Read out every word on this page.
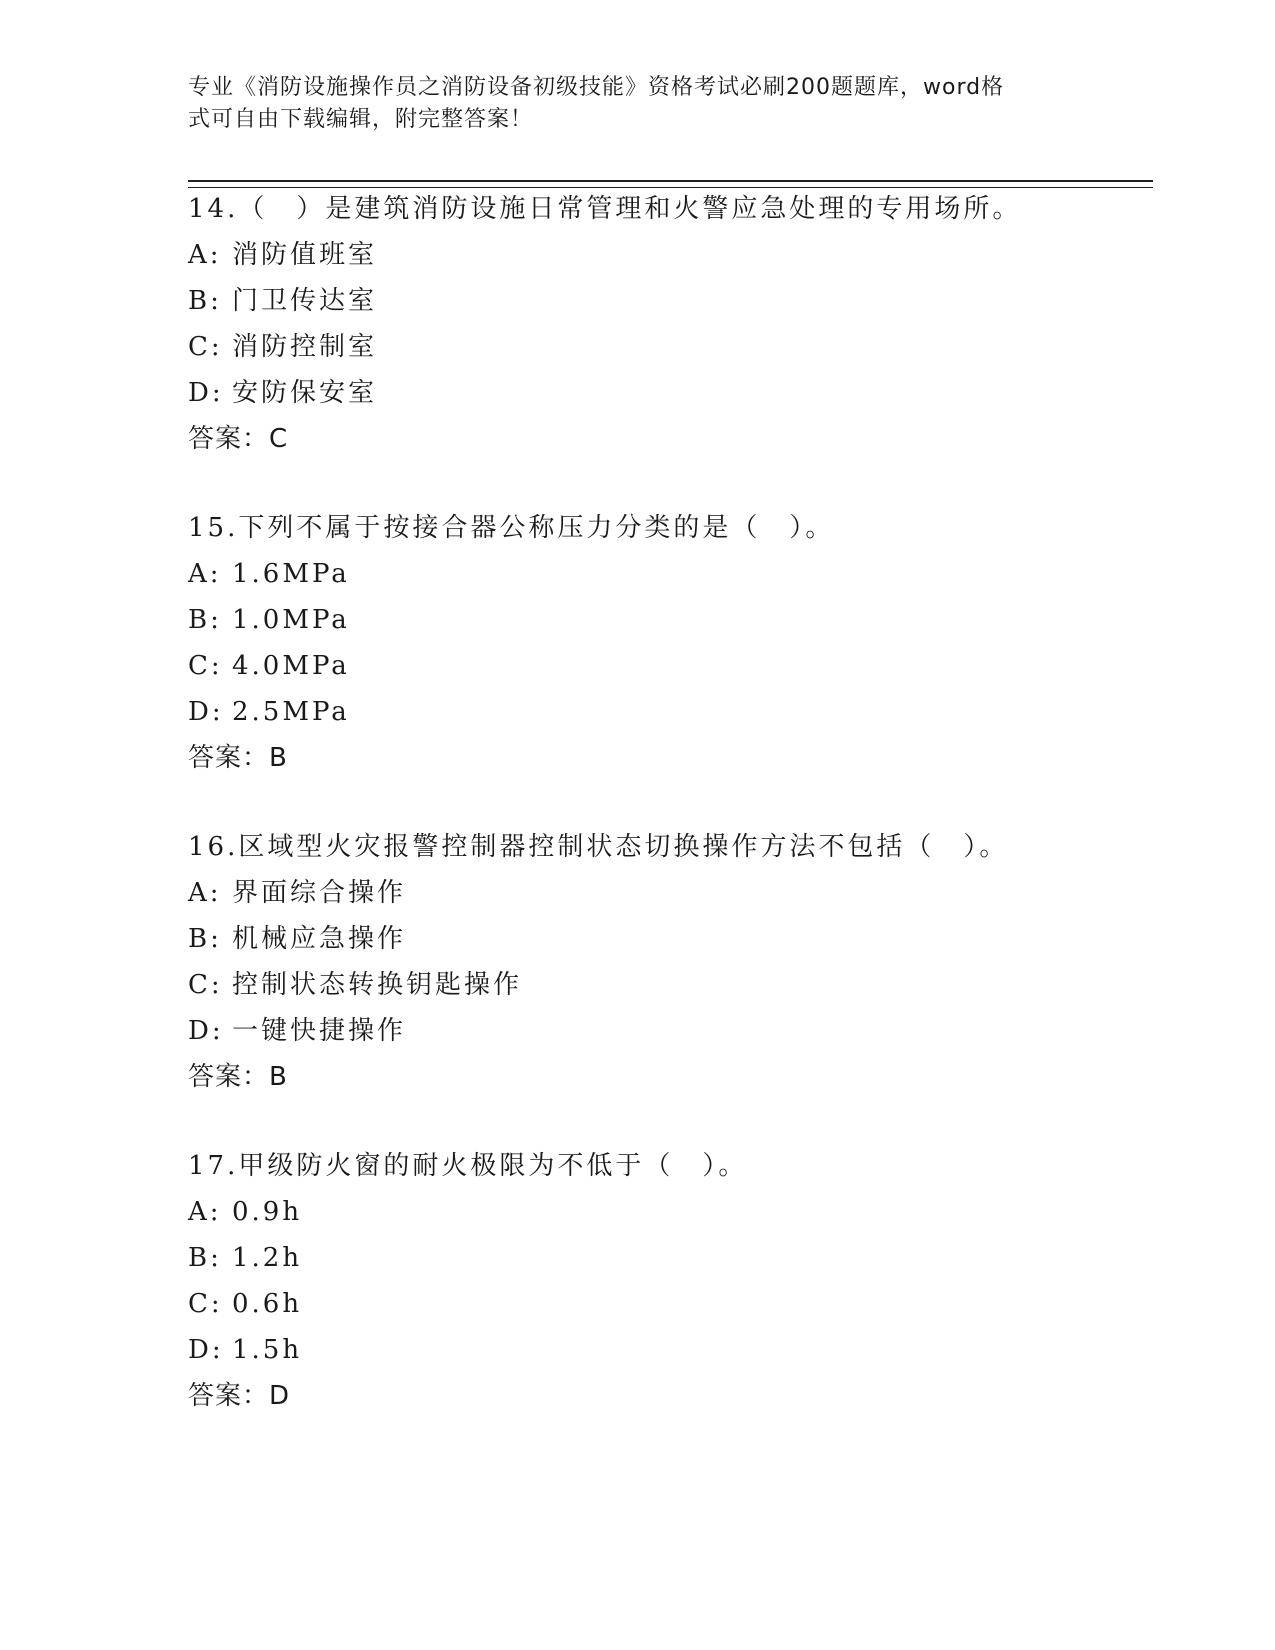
专业《消防设施操作员之消防设备初级技能》资格考试必刷200题题库，word格
式可自由下载编辑，附完整答案！
14.（　）是建筑消防设施日常管理和火警应急处理的专用场所。
A: 消防值班室
B: 门卫传达室
C: 消防控制室
D: 安防保安室
答案：C
15.下列不属于按接合器公称压力分类的是（　）。
A: 1.6MPa
B: 1.0MPa
C: 4.0MPa
D: 2.5MPa
答案：B
16.区域型火灾报警控制器控制状态切换操作方法不包括（　）。
A: 界面综合操作
B: 机械应急操作
C: 控制状态转换钥匙操作
D: 一键快捷操作
答案：B
17.甲级防火窗的耐火极限为不低于（　）。
A: 0.9h
B: 1.2h
C: 0.6h
D: 1.5h
答案：D
